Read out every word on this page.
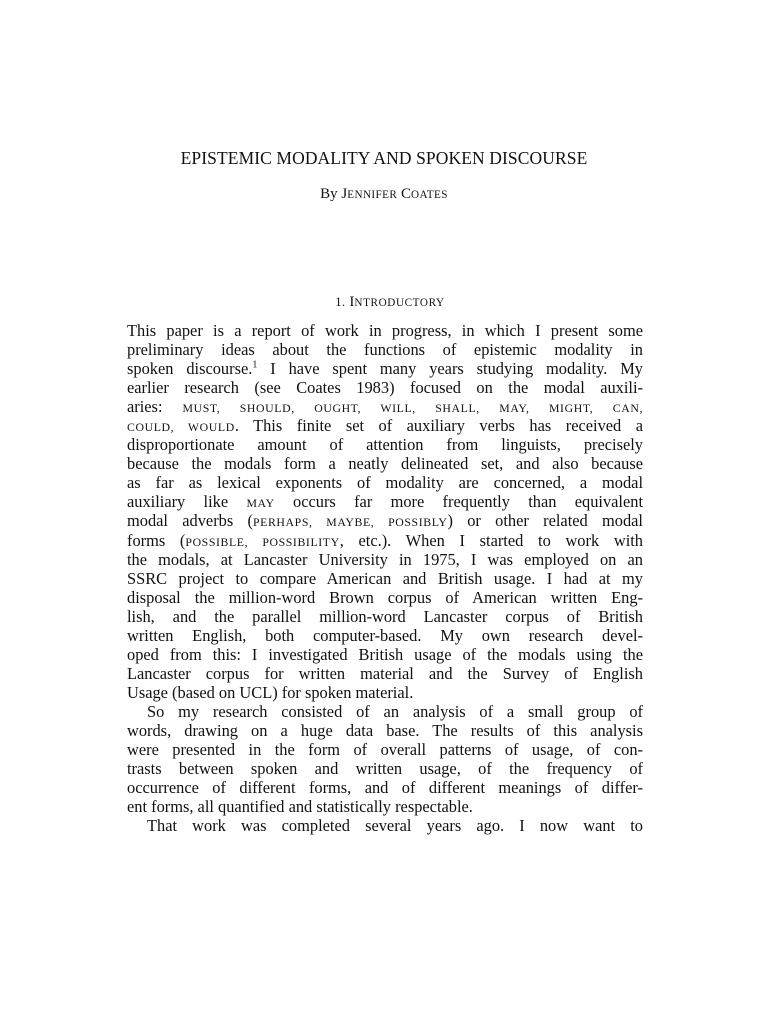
EPISTEMIC MODALITY AND SPOKEN DISCOURSE
By JENNIFER COATES
1. INTRODUCTORY
This paper is a report of work in progress, in which I present some
preliminary ideas about the functions of epistemic modality in
spoken discourse.$^1$ I have spent many years studying modality. My
earlier research (see Coates 1983) focused on the modal auxili-
aries: MUST, SHOULD, OUGHT, WILL, SHALL, MAY, MIGHT, CAN,
COULD, WOULD. This finite set of auxiliary verbs has received a
disproportionate amount of attention from linguists, precisely
because the modals form a neatly delineated set, and also because
as far as lexical exponents of modality are concerned, a modal
auxiliary like MAY occurs far more frequently than equivalent
modal adverbs (PERHAPS, MAYBE, POSSIBLY) or other related modal
forms (POSSIBLE, POSSIBILITY, etc.). When I started to work with
the modals, at Lancaster University in 1975, I was employed on an
SSRC project to compare American and British usage. I had at my
disposal the million-word Brown corpus of American written Eng-
lish, and the parallel million-word Lancaster corpus of British
written English, both computer-based. My own research devel-
oped from this: I investigated British usage of the modals using the
Lancaster corpus for written material and the Survey of English
Usage (based on UCL) for spoken material.
So my research consisted of an analysis of a small group of
words, drawing on a huge data base. The results of this analysis
were presented in the form of overall patterns of usage, of con-
trasts between spoken and written usage, of the frequency of
occurrence of different forms, and of different meanings of differ-
ent forms, all quantified and statistically respectable.
That work was completed several years ago. I now want to
